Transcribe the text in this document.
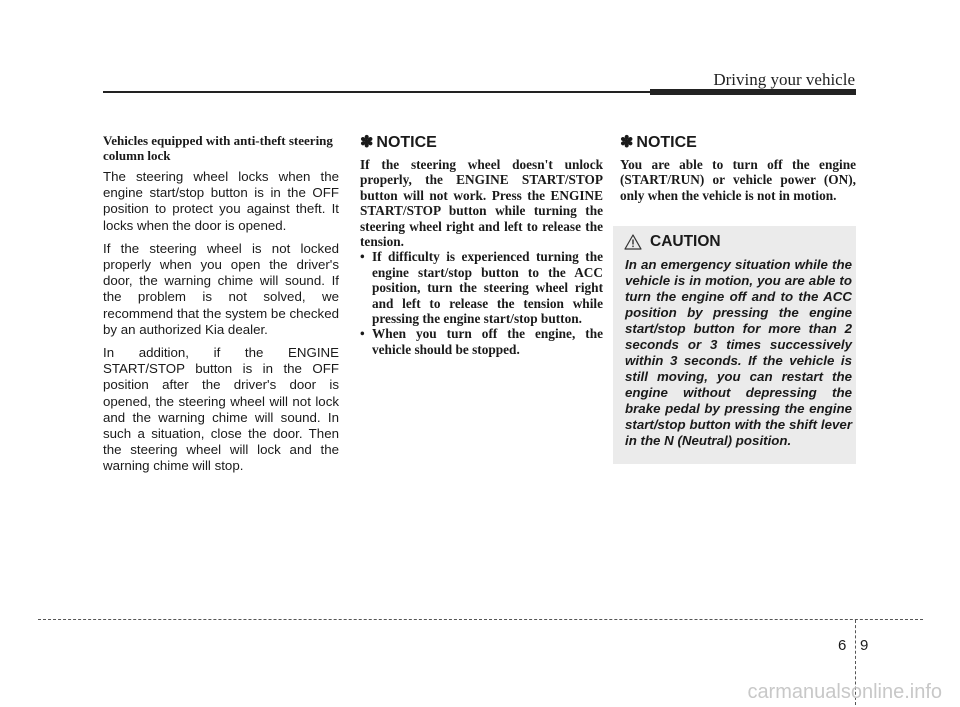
Driving your vehicle

Vehicles equipped with anti-theft steering column lock

The steering wheel locks when the engine start/stop button is in the OFF position to protect you against theft. It locks when the door is opened.

If the steering wheel is not locked properly when you open the driver's door, the warning chime will sound. If the problem is not solved, we recommend that the system be checked by an authorized Kia dealer.

In addition, if the ENGINE START/STOP button is in the OFF position after the driver's door is opened, the steering wheel will not lock and the warning chime will sound. In such a situation, close the door. Then the steering wheel will lock and the warning chime will stop.

✽ NOTICE

If the steering wheel doesn't unlock properly, the ENGINE START/STOP button will not work. Press the ENGINE START/STOP button while turning the steering wheel right and left to release the tension.

• If difficulty is experienced turning the engine start/stop button to the ACC position, turn the steering wheel right and left to release the tension while pressing the engine start/stop button.
• When you turn off the engine, the vehicle should be stopped.
✽ NOTICE

You are able to turn off the engine (START/RUN) or vehicle power (ON), only when the vehicle is not in motion.

CAUTION

In an emergency situation while the vehicle is in motion, you are able to turn the engine off and to the ACC position by pressing the engine start/stop button for more than 2 seconds or 3 times successively within 3 seconds. If the vehicle is still moving, you can restart the engine without depressing the brake pedal by pressing the engine start/stop button with the shift lever in the N (Neutral) position.

6 9
carmanualsonline.info
